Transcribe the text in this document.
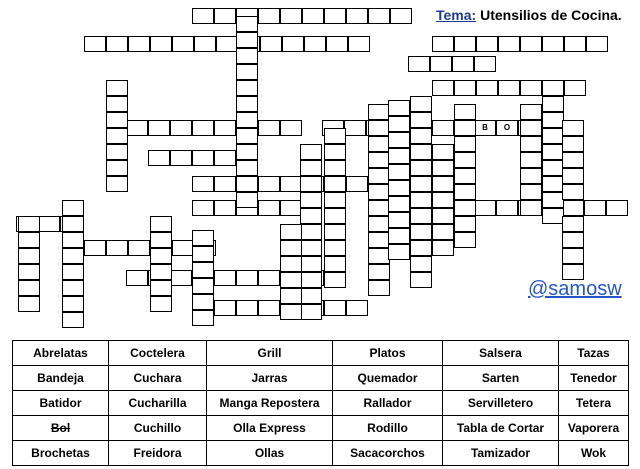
B	O
Tema: Utensilios de Cocina.
@samosw
Abrelatas	Coctelera	Grill	Platos	Salsera	Tazas
Bandeja	Cuchara	Jarras	Quemador	Sarten	Tenedor
Batidor	Cucharilla	Manga Repostera	Rallador	Servilletero	Tetera
Bol	Cuchillo	Olla Express	Rodillo	Tabla de Cortar	Vaporera
Brochetas	Freidora	Ollas	Sacacorchos	Tamizador	Wok
